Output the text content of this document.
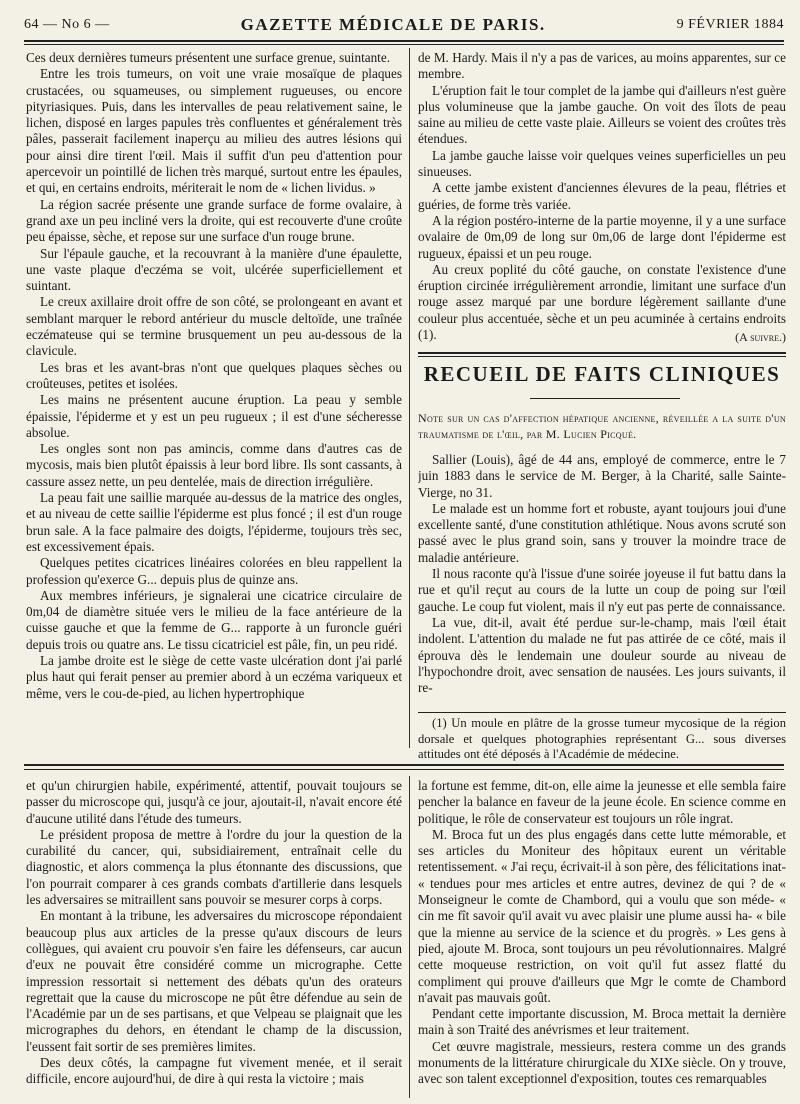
64 — No 6 —	GAZETTE MÉDICALE DE PARIS.	9 FÉVRIER 1884

Ces deux dernières tumeurs présentent une surface grenue, suintante.

Entre les trois tumeurs, on voit une vraie mosaïque de plaques crustacées, ou squameuses, ou simplement rugueuses, ou encore pityriasiques. Puis, dans les intervalles de peau relativement saine, le lichen, disposé en larges papules très confluentes et généralement très pâles, passerait facilement inaperçu au milieu des autres lésions qui pour ainsi dire tirent l'œil. Mais il suffit d'un peu d'attention pour apercevoir un pointillé de lichen très marqué, surtout entre les épaules, et qui, en certains endroits, mériterait le nom de « lichen lividus. »

La région sacrée présente une grande surface de forme ovalaire, à grand axe un peu incliné vers la droite, qui est recouverte d'une croûte peu épaisse, sèche, et repose sur une surface d'un rouge brune.

Sur l'épaule gauche, et la recouvrant à la manière d'une épaulette, une vaste plaque d'eczéma se voit, ulcérée superficiellement et suintant.

Le creux axillaire droit offre de son côté, se prolongeant en avant et semblant marquer le rebord antérieur du muscle deltoïde, une traînée eczémateuse qui se termine brusquement un peu au-dessous de la clavicule.

Les bras et les avant-bras n'ont que quelques plaques sèches ou croûteuses, petites et isolées.

Les mains ne présentent aucune éruption. La peau y semble épaissie, l'épiderme et y est un peu rugueux ; il est d'une sécheresse absolue.

Les ongles sont non pas amincis, comme dans d'autres cas de mycosis, mais bien plutôt épaissis à leur bord libre. Ils sont cassants, à cassure assez nette, un peu dentelée, mais de direction irrégulière.

La peau fait une saillie marquée au-dessus de la matrice des ongles, et au niveau de cette saillie l'épiderme est plus foncé ; il est d'un rouge brun sale. A la face palmaire des doigts, l'épiderme, toujours très sec, est excessivement épais.

Quelques petites cicatrices linéaires colorées en bleu rappellent la profession qu'exerce G... depuis plus de quinze ans.

Aux membres inférieurs, je signalerai une cicatrice circulaire de 0m,04 de diamètre située vers le milieu de la face antérieure de la cuisse gauche et que la femme de G... rapporte à un furoncle guéri depuis trois ou quatre ans. Le tissu cicatriciel est pâle, fin, un peu ridé.

La jambe droite est le siège de cette vaste ulcération dont j'ai parlé plus haut qui ferait penser au premier abord à un eczéma variqueux et même, vers le cou-de-pied, au lichen hypertrophique

de M. Hardy. Mais il n'y a pas de varices, au moins apparentes, sur ce membre.

L'éruption fait le tour complet de la jambe qui d'ailleurs n'est guère plus volumineuse que la jambe gauche. On voit des îlots de peau saine au milieu de cette vaste plaie. Ailleurs se voient des croûtes très étendues.

La jambe gauche laisse voir quelques veines superficielles un peu sinueuses.

A cette jambe existent d'anciennes élevures de la peau, flétries et guéries, de forme très variée.

A la région postéro-interne de la partie moyenne, il y a une surface ovalaire de 0m,09 de long sur 0m,06 de large dont l'épiderme est rugueux, épaissi et un peu rouge.

Au creux poplité du côté gauche, on constate l'existence d'une éruption circinée irrégulièrement arrondie, limitant une surface d'un rouge assez marqué par une bordure légèrement saillante d'une couleur plus accentuée, sèche et un peu acuminée à certains endroits (1).	(A suivre.)
RECUEIL DE FAITS CLINIQUES
Note sur un cas d'affection hépatique ancienne, réveillée a la suite d'un traumatisme de l'œil, par M. Lucien Picqué.

Sallier (Louis), âgé de 44 ans, employé de commerce, entre le 7 juin 1883 dans le service de M. Berger, à la Charité, salle Sainte-Vierge, no 31.

Le malade est un homme fort et robuste, ayant toujours joui d'une excellente santé, d'une constitution athlétique. Nous avons scruté son passé avec le plus grand soin, sans y trouver la moindre trace de maladie antérieure.

Il nous raconte qu'à l'issue d'une soirée joyeuse il fut battu dans la rue et qu'il reçut au cours de la lutte un coup de poing sur l'œil gauche. Le coup fut violent, mais il n'y eut pas perte de connaissance.

La vue, dit-il, avait été perdue sur-le-champ, mais l'œil était indolent. L'attention du malade ne fut pas attirée de ce côté, mais il éprouva dès le lendemain une douleur sourde au niveau de l'hypochondre droit, avec sensation de nausées. Les jours suivants, il re-

(1) Un moule en plâtre de la grosse tumeur mycosique de la région dorsale et quelques photographies représentant G... sous diverses attitudes ont été déposés à l'Académie de médecine.

et qu'un chirurgien habile, expérimenté, attentif, pouvait toujours se passer du microscope qui, jusqu'à ce jour, ajoutait-il, n'avait encore été d'aucune utilité dans l'étude des tumeurs.

Le président proposa de mettre à l'ordre du jour la question de la curabilité du cancer, qui, subsidiairement, entraînait celle du diagnostic, et alors commença la plus étonnante des discussions, que l'on pourrait comparer à ces grands combats d'artillerie dans lesquels les adversaires se mitraillent sans pouvoir se mesurer corps à corps.

En montant à la tribune, les adversaires du microscope répondaient beaucoup plus aux articles de la presse qu'aux discours de leurs collègues, qui avaient cru pouvoir s'en faire les défenseurs, car aucun d'eux ne pouvait être considéré comme un micrographe. Cette impression ressortait si nettement des débats qu'un des orateurs regrettait que la cause du microscope ne pût être défendue au sein de l'Académie par un de ses partisans, et que Velpeau se plaignait que les micrographes du dehors, en étendant le champ de la discussion, l'eussent fait sortir de ses premières limites.

Des deux côtés, la campagne fut vivement menée, et il serait difficile, encore aujourd'hui, de dire à qui resta la victoire ; mais

la fortune est femme, dit-on, elle aime la jeunesse et elle sembla faire pencher la balance en faveur de la jeune école. En science comme en politique, le rôle de conservateur est toujours un rôle ingrat.

M. Broca fut un des plus engagés dans cette lutte mémorable, et ses articles du Moniteur des hôpitaux eurent un véritable retentissement. « J'ai reçu, écrivait-il à son père, des félicitations inat- « tendues pour mes articles et entre autres, devinez de qui ? de « Monseigneur le comte de Chambord, qui a voulu que son méde- « cin me fît savoir qu'il avait vu avec plaisir une plume aussi ha- « bile que la mienne au service de la science et du progrès. » Les gens à pied, ajoute M. Broca, sont toujours un peu révolutionnaires. Malgré cette moqueuse restriction, on voit qu'il fut assez flatté du compliment qui prouve d'ailleurs que Mgr le comte de Chambord n'avait pas mauvais goût.

Pendant cette importante discussion, M. Broca mettait la dernière main à son Traité des anévrismes et leur traitement.

Cet œuvre magistrale, messieurs, restera comme un des grands monuments de la littérature chirurgicale du XIXe siècle. On y trouve, avec son talent exceptionnel d'exposition, toutes ces remarquables
